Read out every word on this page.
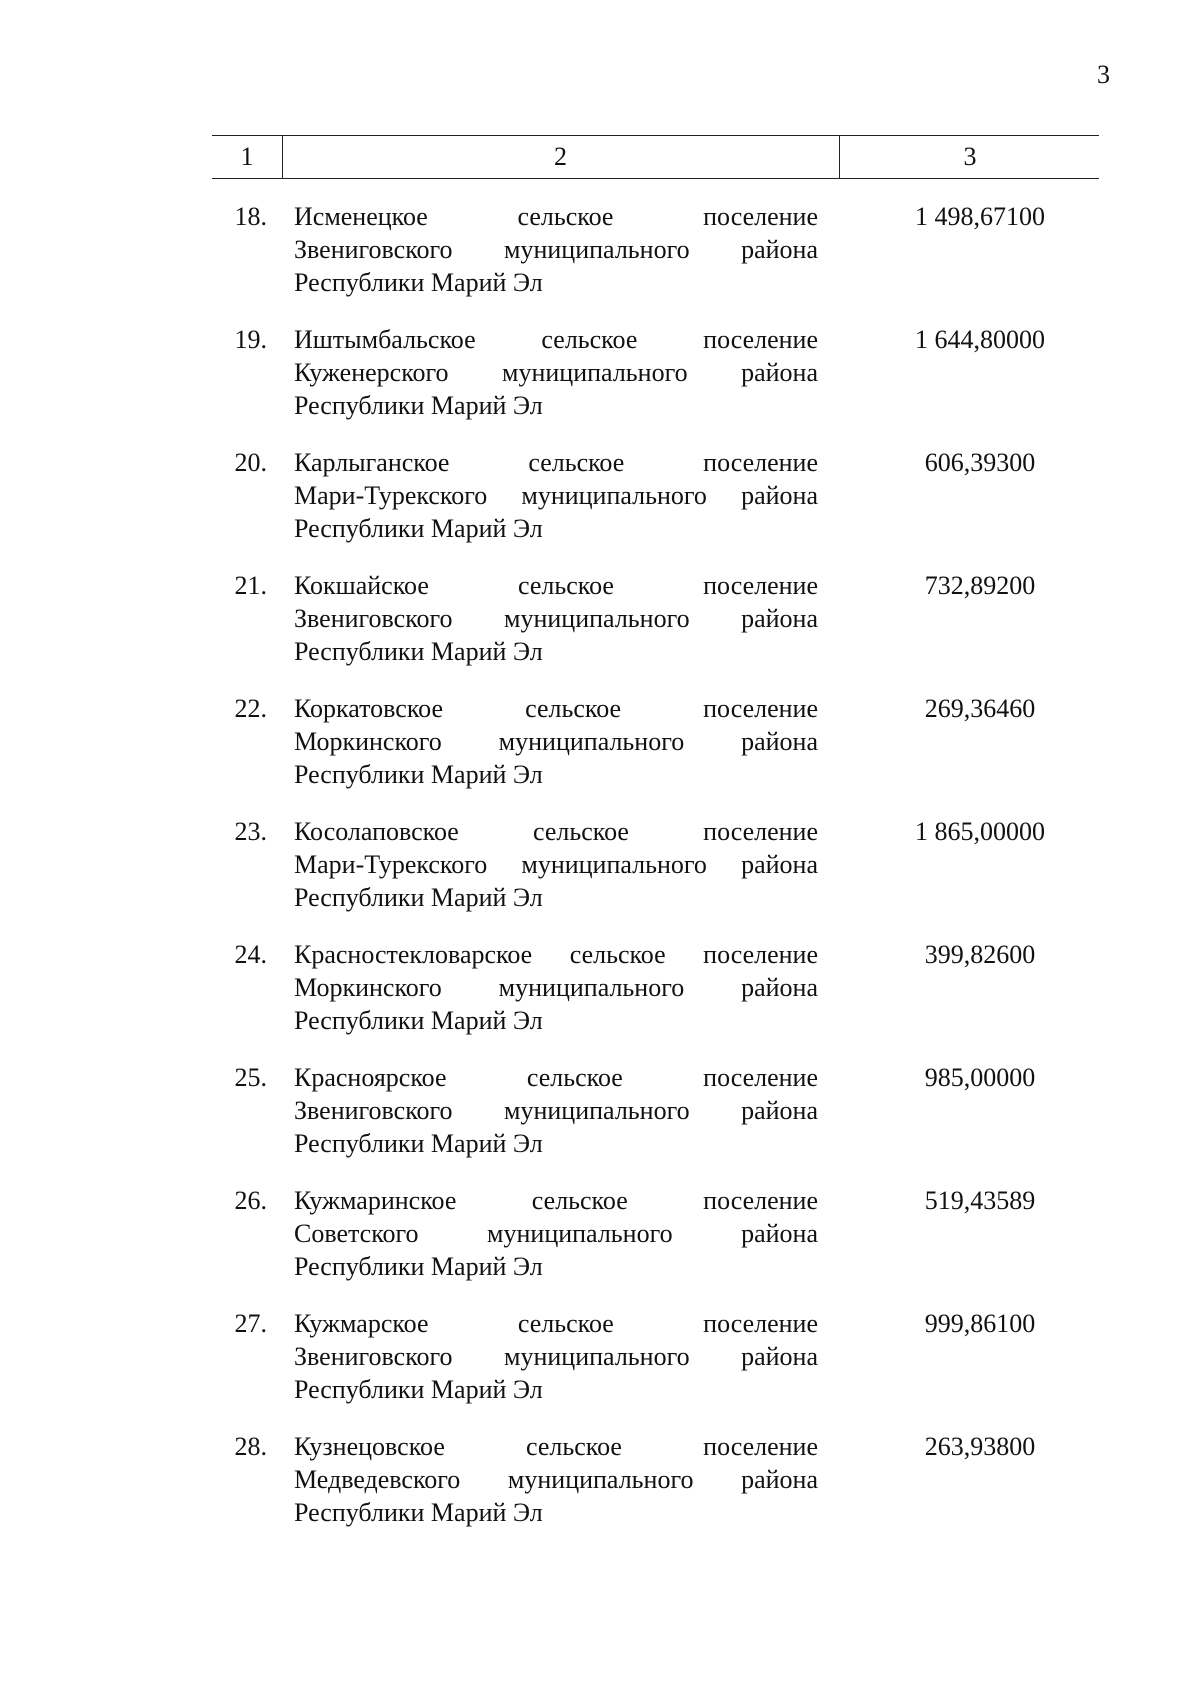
3
1	2	3
18. Исменецкое сельское поселение
Звениговского муниципального района
Республики Марий Эл
1 498,67100
19. Иштымбальское сельское поселение
Куженерского муниципального района
Республики Марий Эл
1 644,80000
20. Карлыганское сельское поселение
Мари-Турекского муниципального района
Республики Марий Эл
606,39300
21. Кокшайское сельское поселение
Звениговского муниципального района
Республики Марий Эл
732,89200
22. Коркатовское сельское поселение
Моркинского муниципального района
Республики Марий Эл
269,36460
23. Косолаповское сельское поселение
Мари-Турекского муниципального района
Республики Марий Эл
1 865,00000
24. Красностекловарское сельское поселение
Моркинского муниципального района
Республики Марий Эл
399,82600
25. Красноярское сельское поселение
Звениговского муниципального района
Республики Марий Эл
985,00000
26. Кужмаринское сельское поселение
Советского муниципального района
Республики Марий Эл
519,43589
27. Кужмарское сельское поселение
Звениговского муниципального района
Республики Марий Эл
999,86100
28. Кузнецовское сельское поселение
Медведевского муниципального района
Республики Марий Эл
263,93800
